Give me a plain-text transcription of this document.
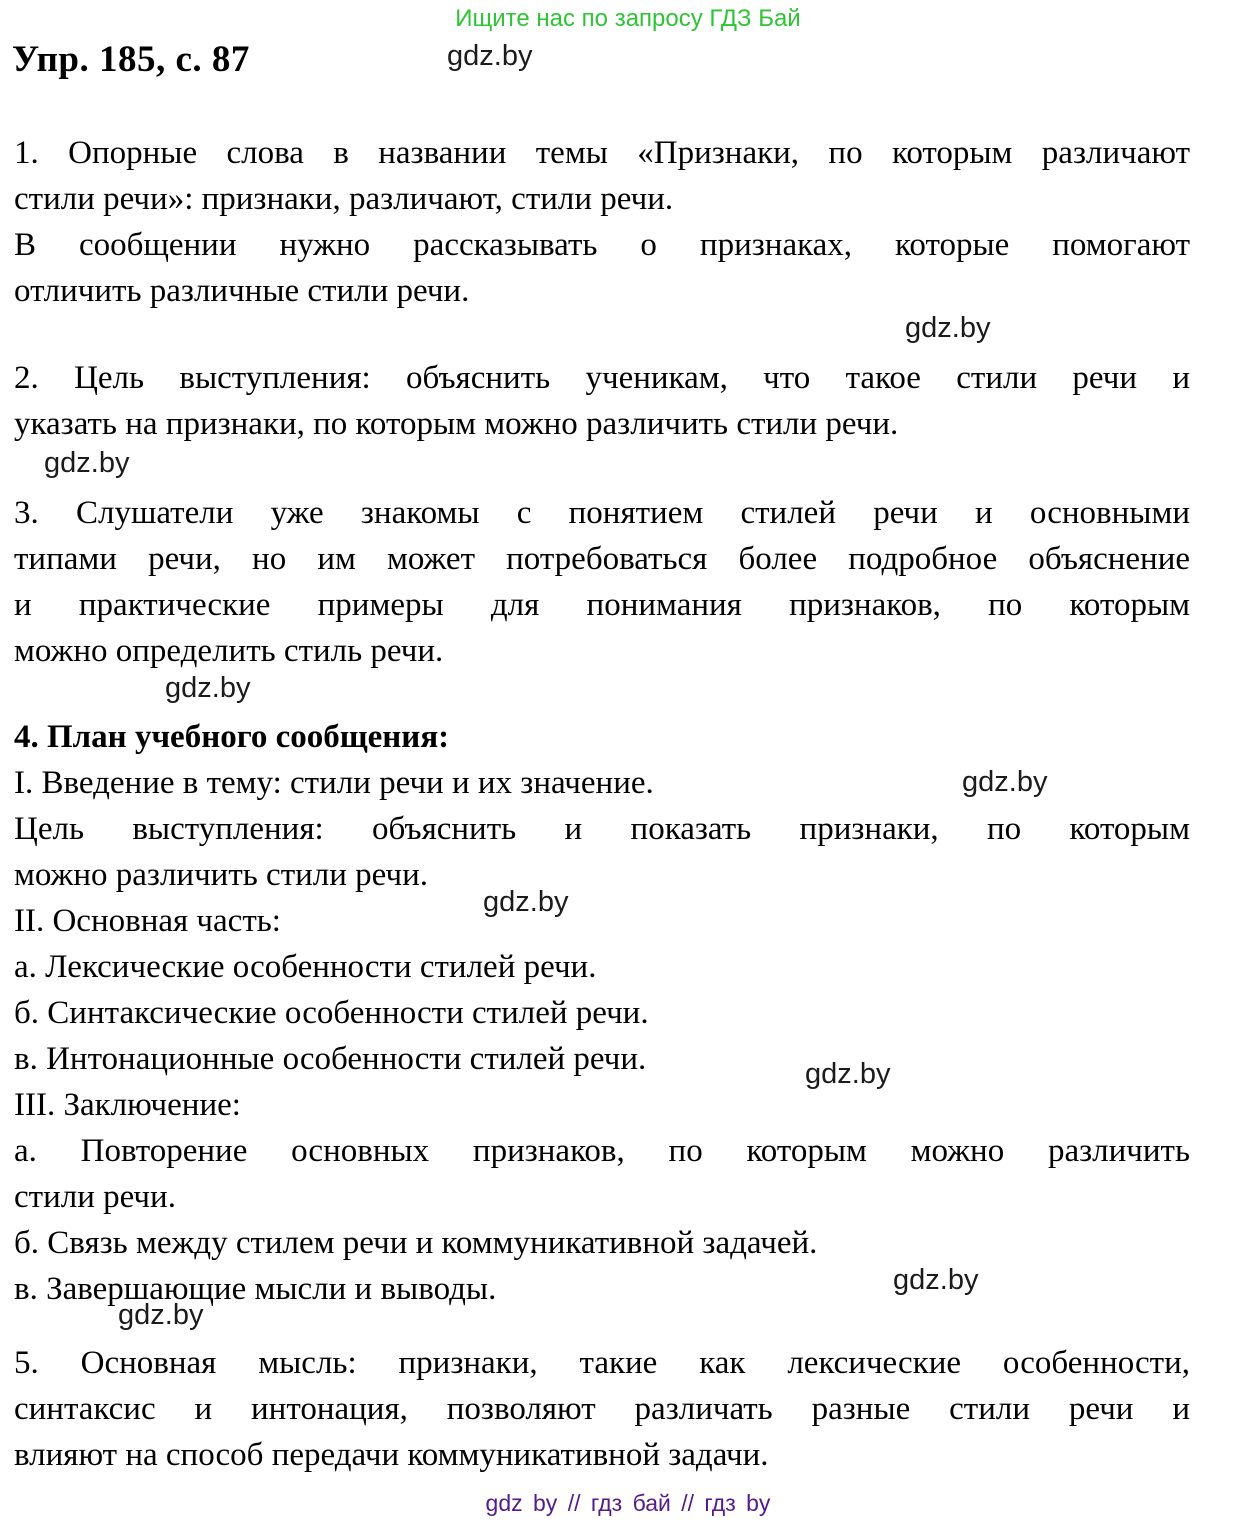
Ищите нас по запросу ГДЗ Бай
Упр. 185, с. 87	gdz.by
gdz.by
gdz.by
gdz.by
gdz.by
gdz.by
gdz.by
gdz.by
gdz.by
1. Опорные слова в названии темы «Признаки, по которым различают
стили речи»: признаки, различают, стили речи.
В сообщении нужно рассказывать о признаках, которые помогают
отличить различные стили речи.
2. Цель выступления: объяснить ученикам, что такое стили речи и
указать на признаки, по которым можно различить стили речи.
3. Слушатели уже знакомы с понятием стилей речи и основными
типами речи, но им может потребоваться более подробное объяснение
и практические примеры для понимания признаков, по которым
можно определить стиль речи.
4. План учебного сообщения:
I. Введение в тему: стили речи и их значение.
Цель выступления: объяснить и показать признаки, по которым
можно различить стили речи.
II. Основная часть:
а. Лексические особенности стилей речи.
б. Синтаксические особенности стилей речи.
в. Интонационные особенности стилей речи.
III. Заключение:
а. Повторение основных признаков, по которым можно различить
стили речи.
б. Связь между стилем речи и коммуникативной задачей.
в. Завершающие мысли и выводы.
5. Основная мысль: признаки, такие как лексические особенности,
синтаксис и интонация, позволяют различать разные стили речи и
влияют на способ передачи коммуникативной задачи.
gdz by // гдз бай // гдз by
